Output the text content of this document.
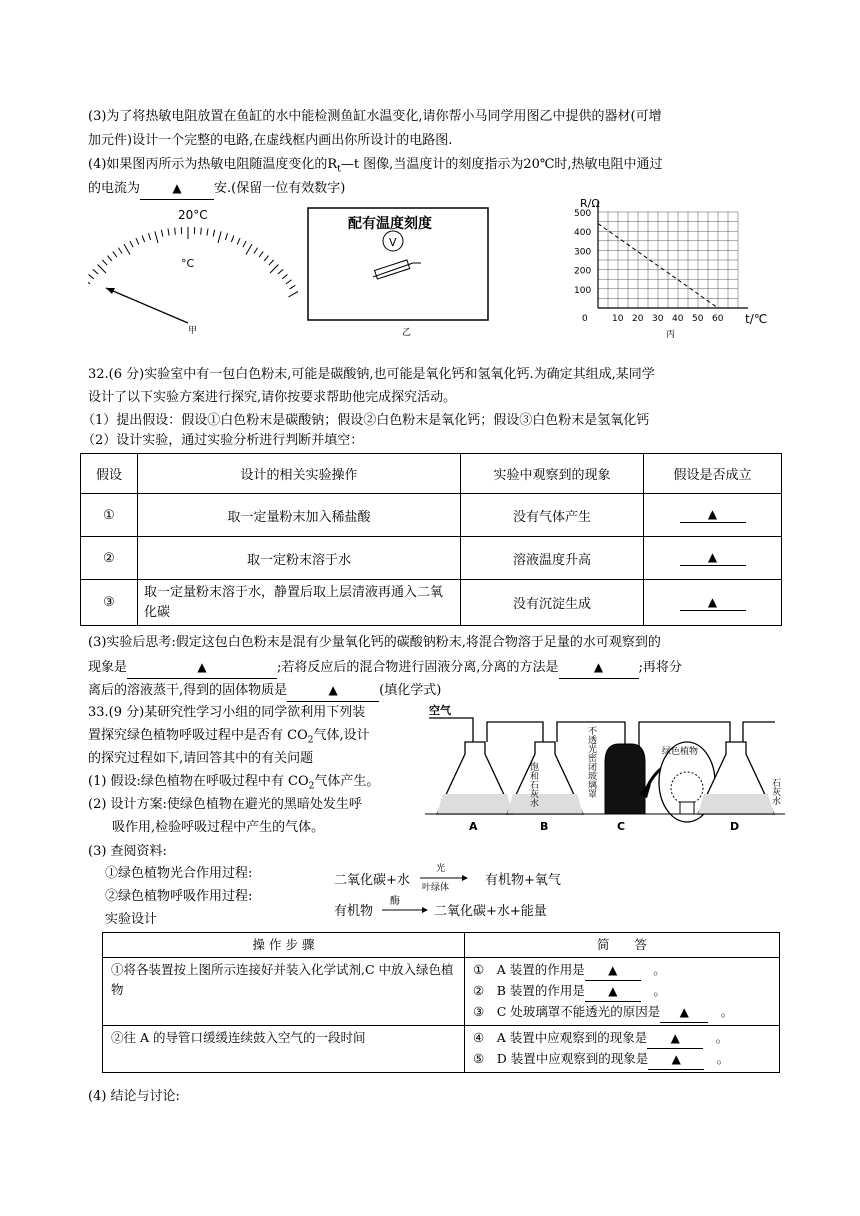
(3)为了将热敏电阻放置在鱼缸的水中能检测鱼缸水温变化,请你帮小马同学用图乙中提供的器材(可增
加元件)设计一个完整的电路,在虚线框内画出你所设计的电路图.
(4)如果图丙所示为热敏电阻随温度变化的$R_t—t$ 图像,当温度计的刻度指示为20℃时,热敏电阻中通过
的电流为	▲ 安.(保留一位有效数字)
20°C
°C
甲
配有温度刻度
V
乙
500
400
300
200
100
0	10 20 30 40 50 60
R/Ω
t/℃
丙
32.(6 分)实验室中有一包白色粉末,可能是碳酸钠,也可能是氧化钙和氢氧化钙.为确定其组成,某同学
设计了以下实验方案进行探究,请你按要求帮助他完成探究活动。
（1）提出假设：假设①白色粉末是碳酸钠；假设②白色粉末是氧化钙；假设③白色粉末是氢氧化钙
（2）设计实验，通过实验分析进行判断并填空：
假设	设计的相关实验操作	实验中观察到的现象	假设是否成立
①	取一定量粉末加入稀盐酸	没有气体产生	▲
②	取一定粉末溶于水	溶液温度升高	▲
③	取一定量粉末溶于水，静置后取上层清液再通入二氧化碳	没有沉淀生成	▲
(3)实验后思考:假定这包白色粉末是混有少量氧化钙的碳酸钠粉末,将混合物溶于足量的水可观察到的
现象是	▲	;若将反应后的混合物进行固液分离,分离的方法是	▲	;再将分
离后的溶液蒸干,得到的固体物质是	▲	(填化学式)
33.(9 分)某研究性学习小组的同学欲利用下列装
置探究绿色植物呼吸过程中是否有 $CO_2$气体,设计
的探究过程如下,请回答其中的有关问题
(1) 假设:绿色植物在呼吸过程中有 $CO_2$气体产生。
(2) 设计方案:使绿色植物在避光的黑暗处发生呼
吸作用,检验呼吸过程中产生的气体。
(3) 查阅资料:
①绿色植物光合作用过程:
②绿色植物呼吸作用过程:
实验设计
二氧化碳+水
光
叶绿体	有机物+氧气
有机物
酶
二氧化碳+水+能量
空气
饱和石灰水	不透光密闭玻璃罩	绿色植物
石灰水
A	B	C	D
操 作 步 骤	简　　答
①将各装置按上图所示连接好并装入化学试剂,C 中放入绿色植物	①　A 装置的作用是 ▲　 。
②　B 装置的作用是 ▲　 。
③　C 处玻璃罩不能透光的原因是 ▲　 。

②往 A 的导管口缓缓连续鼓入空气的一段时间	④　A 装置中应观察到的现象是 ▲　 。
⑤　D 装置中应观察到的现象是 ▲　 。
(4) 结论与讨论:
